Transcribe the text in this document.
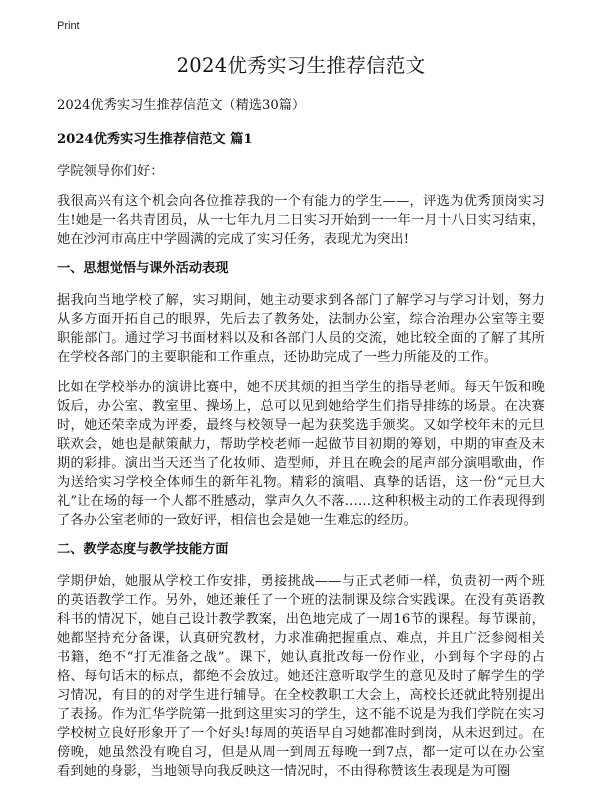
Print
2024优秀实习生推荐信范文
2024优秀实习生推荐信范文（精选30篇）
2024优秀实习生推荐信范文 篇1
学院领导你们好：
我很高兴有这个机会向各位推荐我的一个有能力的学生——，评选为优秀顶岗实习生!她是一名共青团员，从一七年九月二日实习开始到一一年一月十八日实习结束，她在沙河市高庄中学圆满的完成了实习任务，表现尤为突出!
一、思想觉悟与课外活动表现
据我向当地学校了解，实习期间，她主动要求到各部门了解学习与学习计划，努力从多方面开拓自己的眼界，先后去了教务处，法制办公室，综合治理办公室等主要职能部门。通过学习书面材料以及和各部门人员的交流，她比较全面的了解了其所在学校各部门的主要职能和工作重点，还协助完成了一些力所能及的工作。
比如在学校举办的演讲比赛中，她不厌其烦的担当学生的指导老师。每天午饭和晚饭后，办公室、教室里、操场上，总可以见到她给学生们指导排练的场景。在决赛时，她还荣幸成为评委，最终与校领导一起为获奖选手颁奖。又如学校年末的元旦联欢会，她也是献策献力，帮助学校老师一起做节目初期的筹划，中期的审查及末期的彩排。演出当天还当了化妆师、造型师，并且在晚会的尾声部分演唱歌曲，作为送给实习学校全体师生的新年礼物。精彩的演唱、真挚的话语，这一份“元旦大礼”让在场的每一个人都不胜感动，掌声久久不落……这种积极主动的工作表现得到了各办公室老师的一致好评，相信也会是她一生难忘的经历。
二、教学态度与教学技能方面
学期伊始，她服从学校工作安排，勇接挑战——与正式老师一样，负责初一两个班的英语教学工作。另外，她还兼任了一个班的法制课及综合实践课。在没有英语教科书的情况下，她自己设计教学教案，出色地完成了一周16节的课程。每节课前，她都坚持充分备课，认真研究教材，力求准确把握重点、难点，并且广泛参阅相关书籍，绝不“打无准备之战”。课下，她认真批改每一份作业，小到每个字母的占格、每句话末的标点，都绝不会放过。她还注意听取学生的意见及时了解学生的学习情况，有目的的对学生进行辅导。在全校教职工大会上，高校长还就此特别提出了表扬。作为汇华学院第一批到这里实习的学生，这不能不说是为我们学院在实习学校树立良好形象开了一个好头!每周的英语早自习她都准时到岗，从未迟到过。在傍晚，她虽然没有晚自习，但是从周一到周五每晚一到7点，都一定可以在办公室看到她的身影，当地领导向我反映这一情况时，不由得称赞该生表现是为可圈
